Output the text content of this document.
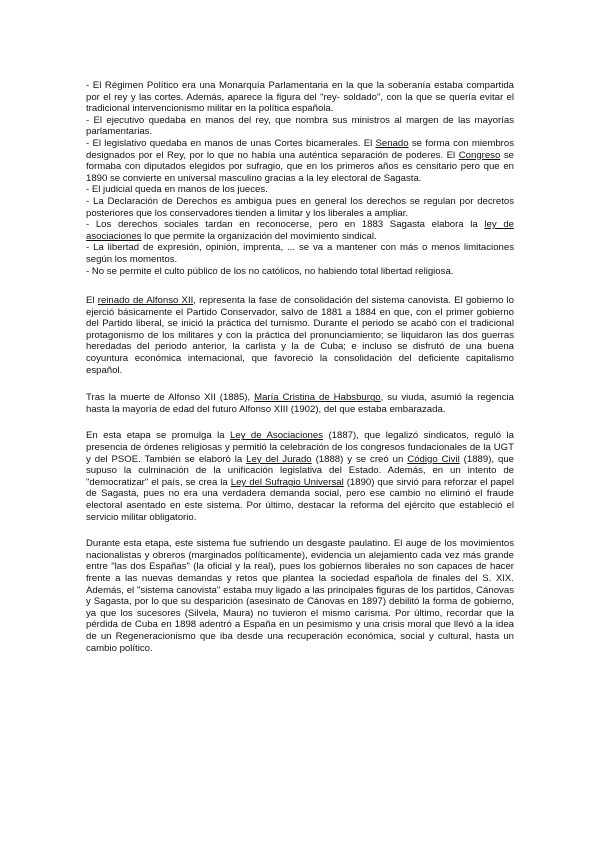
- El Régimen Político era una Monarquía Parlamentaria en la que la soberanía estaba compartida por el rey y las cortes. Además, aparece la figura del "rey- soldado", con la que se quería evitar el tradicional intervencionismo militar en la política española.

- El ejecutivo quedaba en manos del rey, que nombra sus ministros al margen de las mayorías parlamentarias.

- El legislativo quedaba en manos de unas Cortes bicamerales. El Senado se forma con miembros designados por el Rey, por lo que no había una auténtica separación de poderes. El Congreso se formaba con diputados elegidos por sufragio, que en los primeros años es censitario pero que en 1890 se convierte en universal masculino gracias a la ley electoral de Sagasta.

- El judicial queda en manos de los jueces.

- La Declaración de Derechos es ambigua pues en general los derechos se regulan por decretos posteriores que los conservadores tienden a limitar y los liberales a ampliar.

- Los derechos sociales tardan en reconocerse, pero en 1883 Sagasta elabora la ley de asociaciones lo que permite la organización del movimiento sindical.

- La libertad de expresión, opinión, imprenta, ... se va a mantener con más o menos limitaciones según los momentos.

- No se permite el culto público de los no católicos, no habiendo total libertad religiosa.

El reinado de Alfonso XII, representa la fase de consolidación del sistema canovista. El gobierno lo ejerció básicamente el Partido Conservador, salvo de 1881 a 1884 en que, con el primer gobierno del Partido liberal, se inició la práctica del turnismo. Durante el periodo se acabó con el tradicional protagonismo de los militares y con la práctica del pronunciamiento; se liquidaron las dos guerras heredadas del periodo anterior, la carlista y la de Cuba; e incluso se disfrutó de una buena coyuntura económica internacional, que favoreció la consolidación del deficiente capitalismo español.

Tras la muerte de Alfonso XII (1885), María Cristina de Habsburgo, su viuda, asumió la regencia hasta la mayoría de edad del futuro Alfonso XIII (1902), del que estaba embarazada.

En esta etapa se promulga la Ley de Asociaciones (1887), que legalizó sindicatos, reguló la presencia de órdenes religiosas y permitió la celebración de los congresos fundacionales de la UGT y del PSOE. También se elaboró la Ley del Jurado (1888) y se creó un Código Civil (1889), que supuso la culminación de la unificación legislativa del Estado. Además, en un intento de "democratizar" el país, se crea la Ley del Sufragio Universal (1890) que sirvió para reforzar el papel de Sagasta, pues no era una verdadera demanda social, pero ese cambio no eliminó el fraude electoral asentado en este sistema. Por último, destacar la reforma del ejército que estableció el servicio militar obligatorio.

Durante esta etapa, este sistema fue sufriendo un desgaste paulatino. El auge de los movimientos nacionalistas y obreros (marginados políticamente), evidencia un alejamiento cada vez más grande entre "las dos Españas" (la oficial y la real), pues los gobiernos liberales no son capaces de hacer frente a las nuevas demandas y retos que plantea la sociedad española de finales del S. XIX. Además, el "sistema canovista" estaba muy ligado a las principales figuras de los partidos, Cánovas y Sagasta, por lo que su desparición (asesinato de Cánovas en 1897) debilitó la forma de gobierno, ya que los sucesores (Silvela, Maura) no tuvieron el mismo carisma. Por último, recordar que la pérdida de Cuba en 1898 adentró a España en un pesimismo y una crisis moral que llevó a la idea de un Regeneracionismo que iba desde una recuperación económica, social y cultural, hasta un cambio político.
